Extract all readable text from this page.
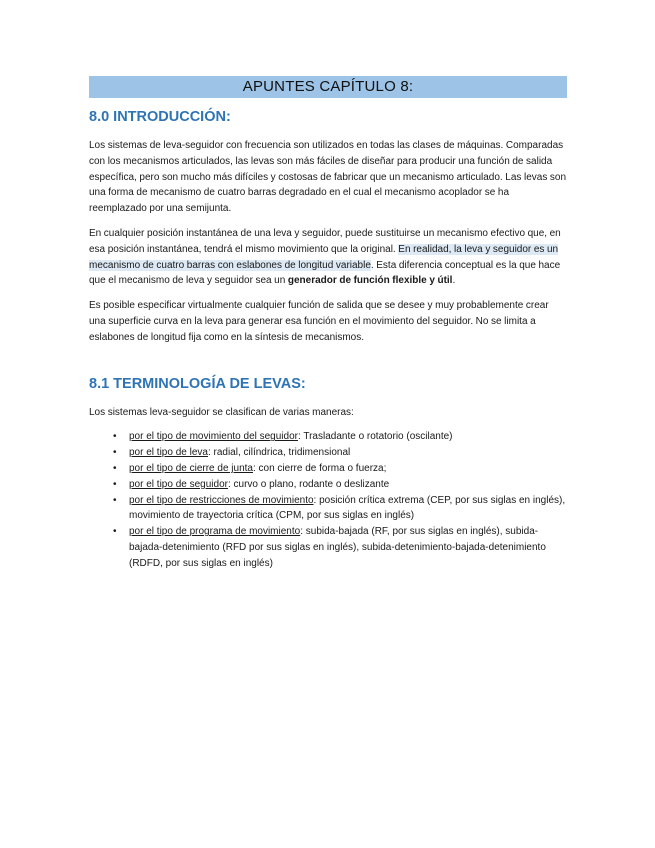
APUNTES CAPÍTULO 8:
8.0 INTRODUCCIÓN:

Los sistemas de leva-seguidor con frecuencia son utilizados en todas las clases de máquinas. Comparadas con los mecanismos articulados, las levas son más fáciles de diseñar para producir una función de salida específica, pero son mucho más difíciles y costosas de fabricar que un mecanismo articulado. Las levas son una forma de mecanismo de cuatro barras degradado en el cual el mecanismo acoplador se ha reemplazado por una semijunta.

En cualquier posición instantánea de una leva y seguidor, puede sustituirse un mecanismo efectivo que, en esa posición instantánea, tendrá el mismo movimiento que la original. En realidad, la leva y seguidor es un mecanismo de cuatro barras con eslabones de longitud variable. Esta diferencia conceptual es la que hace que el mecanismo de leva y seguidor sea un generador de función flexible y útil.

Es posible especificar virtualmente cualquier función de salida que se desee y muy probablemente crear una superficie curva en la leva para generar esa función en el movimiento del seguidor. No se limita a eslabones de longitud fija como en la síntesis de mecanismos.

8.1 TERMINOLOGÍA DE LEVAS:

Los sistemas leva-seguidor se clasifican de varias maneras:

• por el tipo de movimiento del seguidor: Trasladante o rotatorio (oscilante)
• por el tipo de leva: radial, cilíndrica, tridimensional
• por el tipo de cierre de junta: con cierre de forma o fuerza;
• por el tipo de seguidor: curvo o plano, rodante o deslizante
• por el tipo de restricciones de movimiento: posición crítica extrema (CEP, por sus siglas en inglés), movimiento de trayectoria crítica (CPM, por sus siglas en inglés)
• por el tipo de programa de movimiento: subida-bajada (RF, por sus siglas en inglés), subida-bajada-detenimiento (RFD por sus siglas en inglés), subida-detenimiento-bajada-detenimiento (RDFD, por sus siglas en inglés)
